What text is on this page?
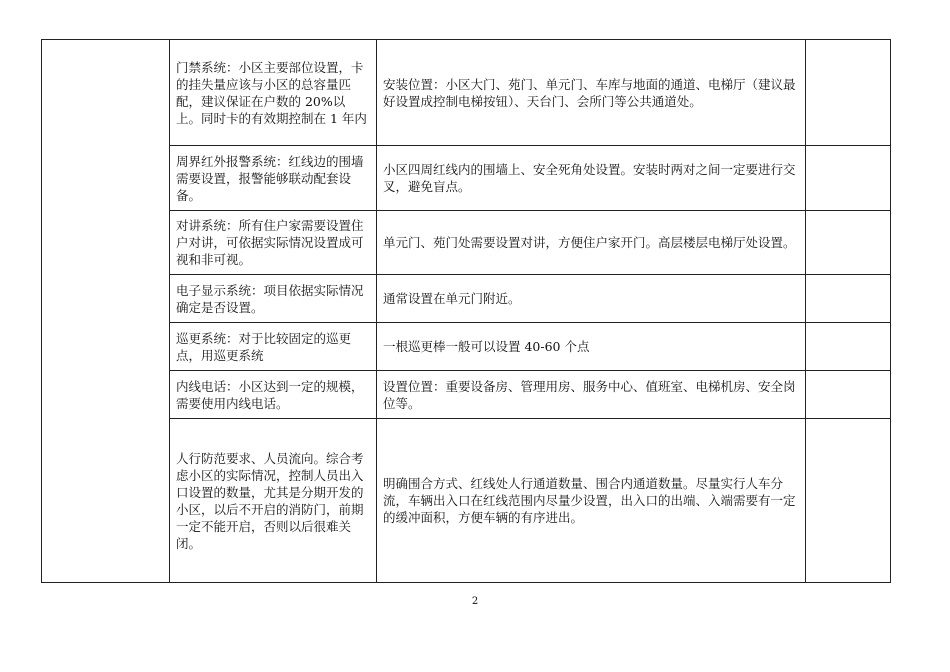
	门禁系统：小区主要部位设置，卡的挂失量应该与小区的总容量匹配，建议保证在户数的 20%以上。同时卡的有效期控制在 1 年内	安装位置：小区大门、苑门、单元门、车库与地面的通道、电梯厅（建议最好设置成控制电梯按钮）、天台门、会所门等公共通道处。	
	周界红外报警系统：红线边的围墙需要设置，报警能够联动配套设备。	小区四周红线内的围墙上、安全死角处设置。安装时两对之间一定要进行交叉，避免盲点。	
	对讲系统：所有住户家需要设置住户对讲，可依据实际情况设置成可视和非可视。	单元门、苑门处需要设置对讲，方便住户家开门。高层楼层电梯厅处设置。	
	电子显示系统：项目依据实际情况确定是否设置。	通常设置在单元门附近。	
	巡更系统：对于比较固定的巡更点，用巡更系统	一根巡更棒一般可以设置 40-60 个点	
	内线电话：小区达到一定的规模，需要使用内线电话。	设置位置：重要设备房、管理用房、服务中心、值班室、电梯机房、安全岗位等。	
	人行防范要求、人员流向。综合考虑小区的实际情况，控制人员出入口设置的数量，尤其是分期开发的小区，以后不开启的消防门，前期一定不能开启，否则以后很难关闭。	明确围合方式、红线处人行通道数量、围合内通道数量。尽量实行人车分流，车辆出入口在红线范围内尽量少设置，出入口的出端、入端需要有一定的缓冲面积，方便车辆的有序进出。	
2
